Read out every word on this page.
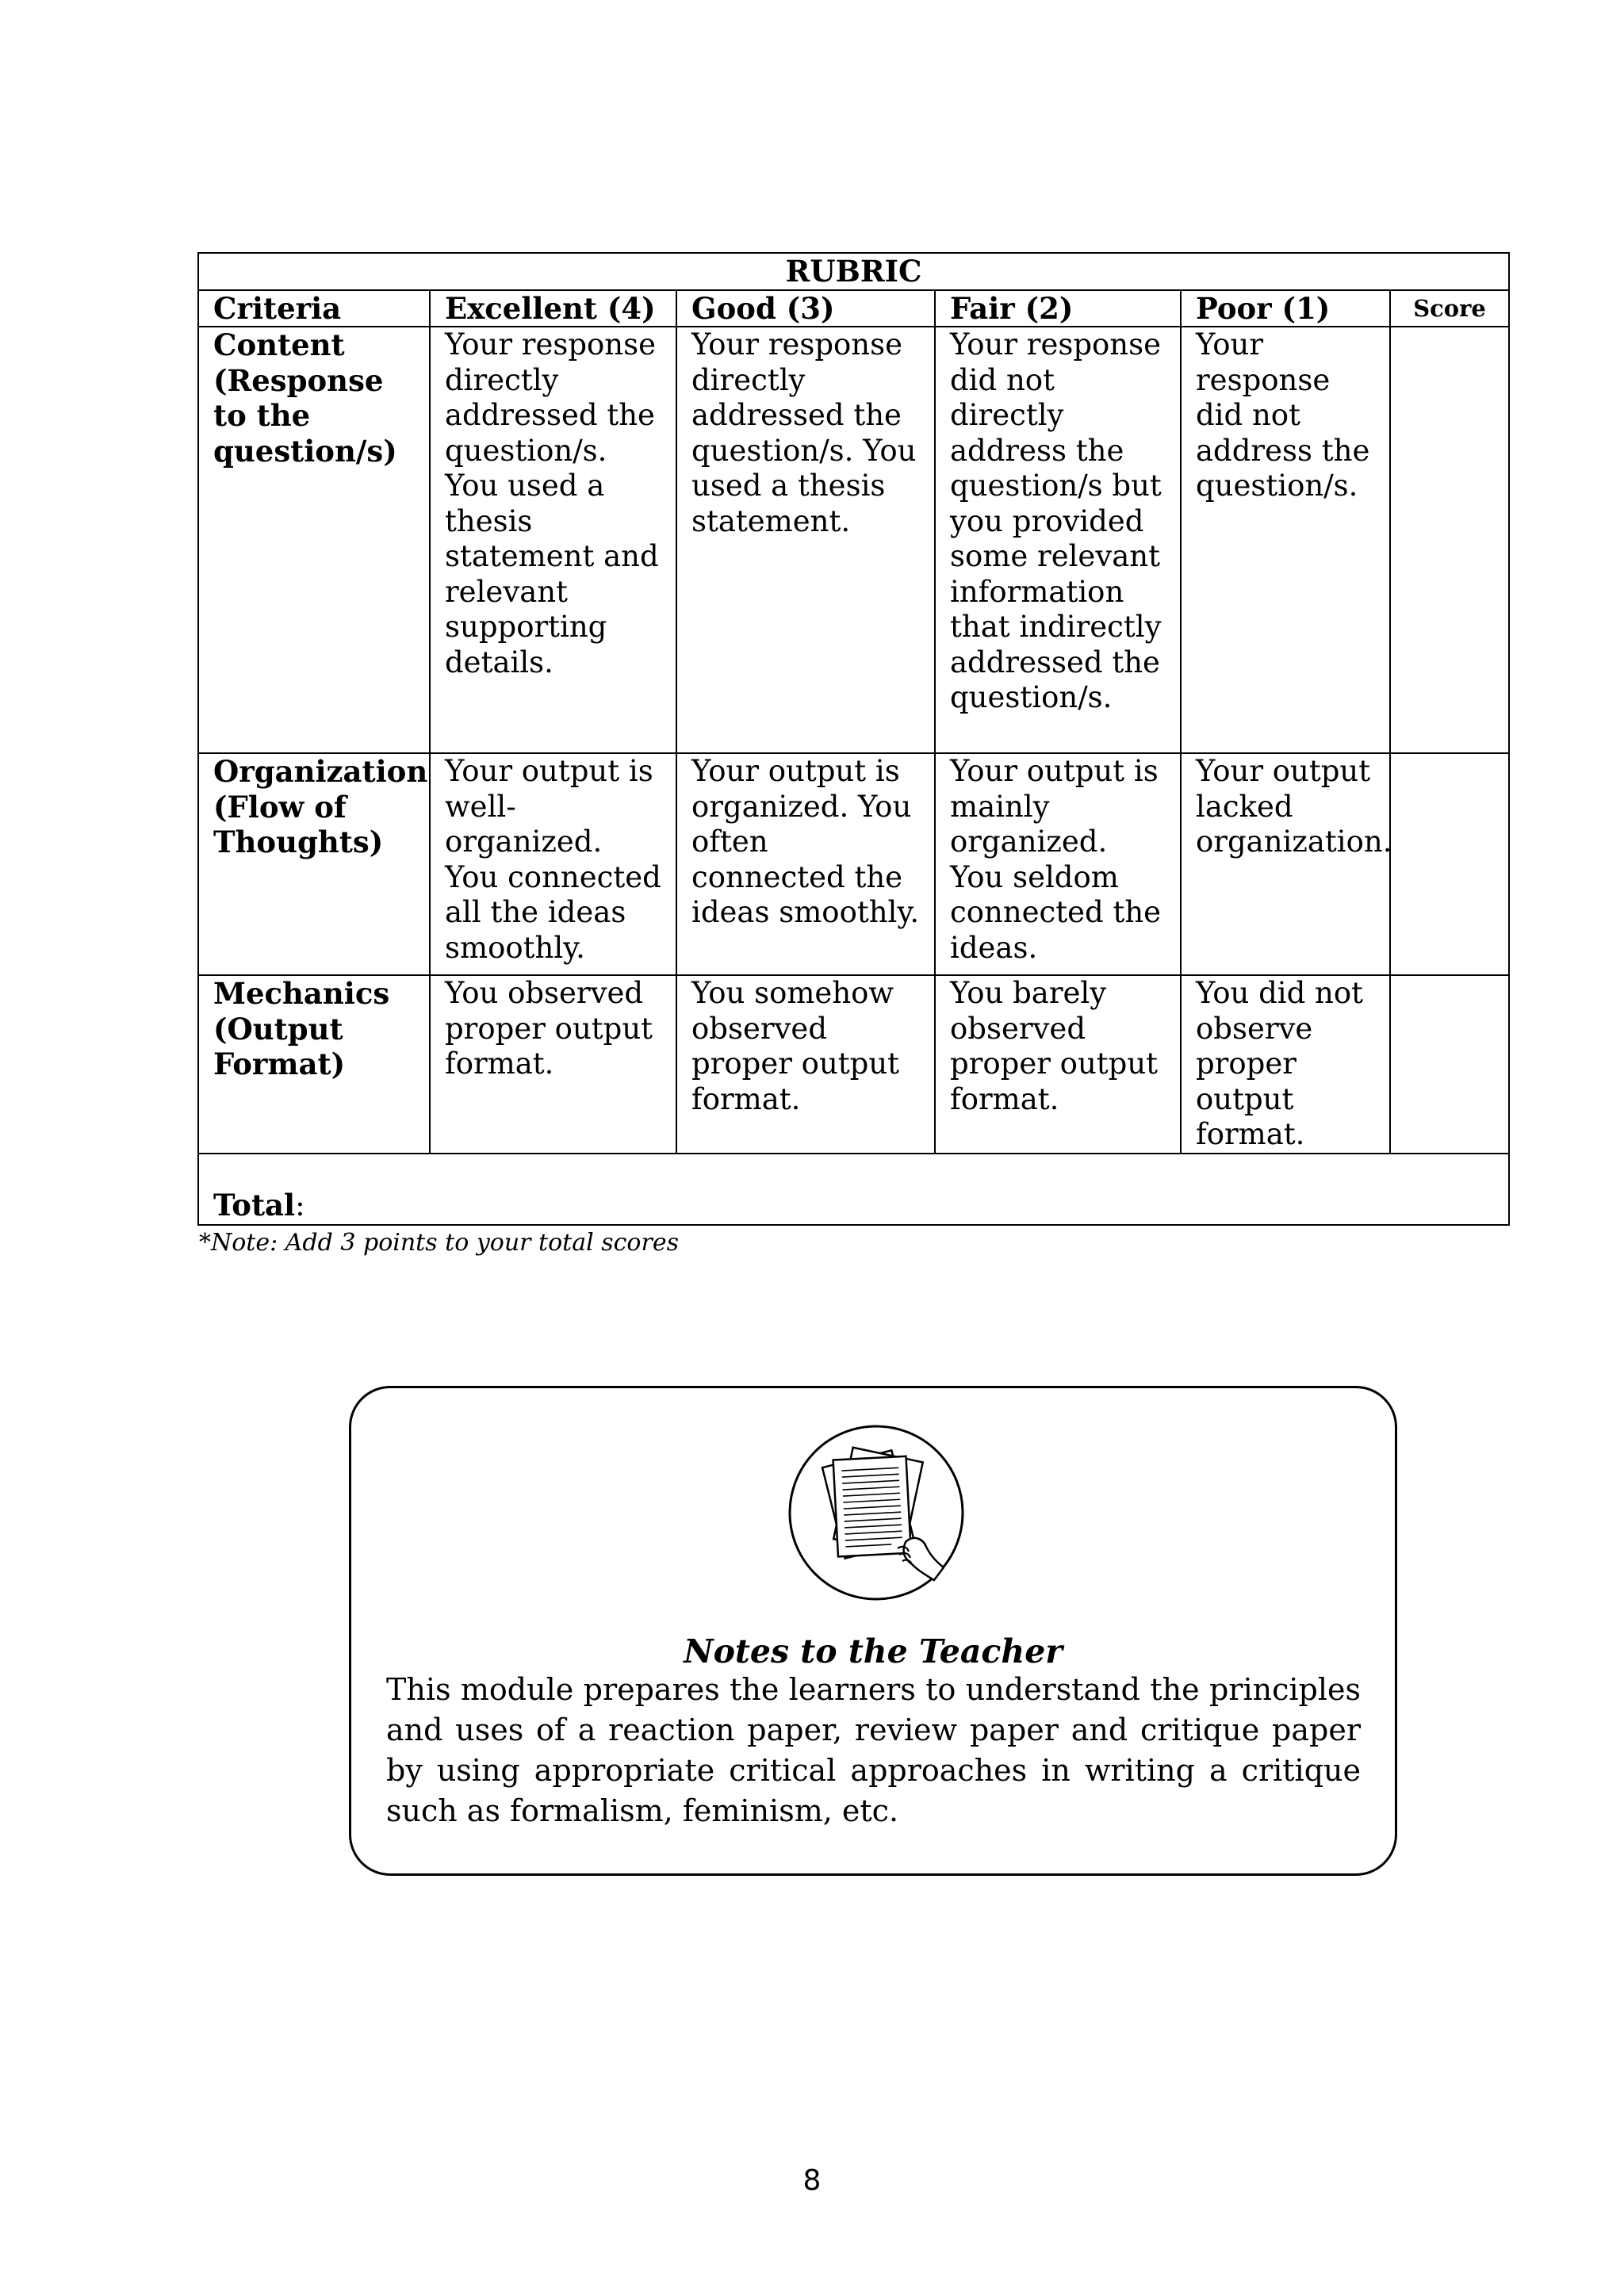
RUBRIC					
Criteria	Excellent (4)	Good (3)	Fair (2)	Poor (1)	Score
Content (Response to the question/s)	Your response directly addressed the question/s. You used a thesis statement and relevant supporting details.	Your response directly addressed the question/s. You used a thesis statement.	Your response did not directly address the question/s but you provided some relevant information that indirectly addressed the question/s.	Your response did not address the question/s.	
Organization (Flow of Thoughts)	Your output is well-organized. You connected all the ideas smoothly.	Your output is organized. You often connected the ideas smoothly.	Your output is mainly organized. You seldom connected the ideas.	Your output lacked organization.	
Mechanics (Output Format)	You observed proper output format.	You somehow observed proper output format.	You barely observed proper output format.	You did not observe proper output format.	
Total:					
*Note: Add 3 points to your total scores
Notes to the Teacher
This module prepares the learners to understand the principles and uses of a reaction paper, review paper and critique paper by using appropriate critical approaches in writing a critique such as formalism, feminism, etc.
8
